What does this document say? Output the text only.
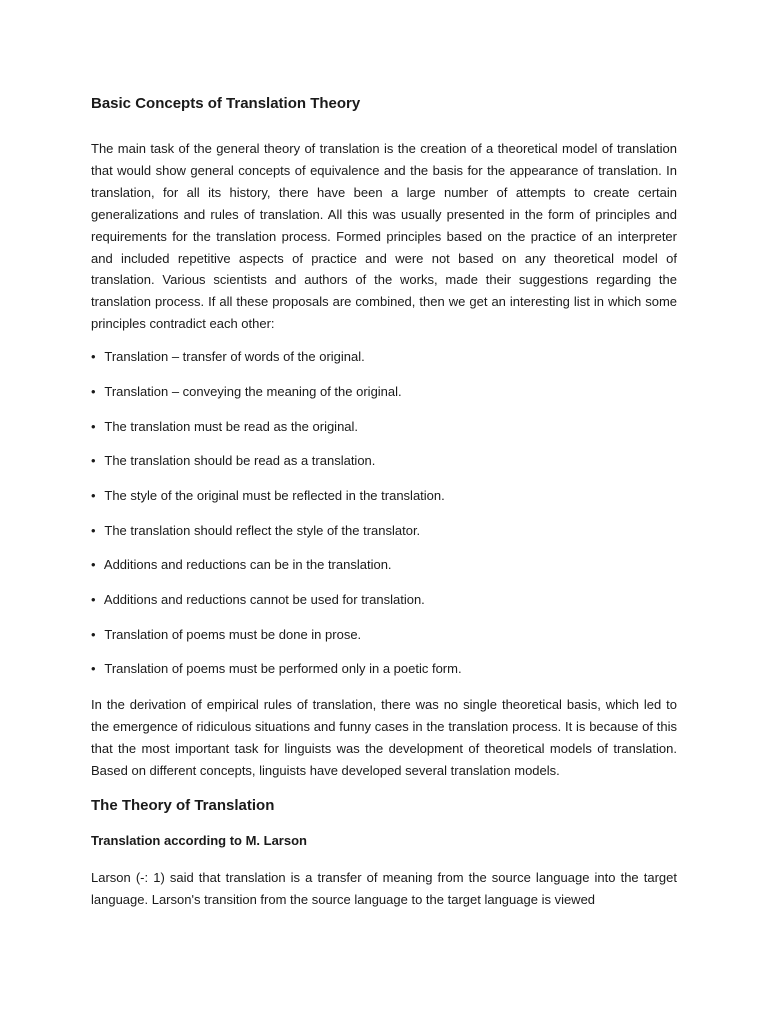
Basic Concepts of Translation Theory

The main task of the general theory of translation is the creation of a theoretical model of translation that would show general concepts of equivalence and the basis for the appearance of translation. In translation, for all its history, there have been a large number of attempts to create certain generalizations and rules of translation. All this was usually presented in the form of principles and requirements for the translation process. Formed principles based on the practice of an interpreter and included repetitive aspects of practice and were not based on any theoretical model of translation. Various scientists and authors of the works, made their suggestions regarding the translation process. If all these proposals are combined, then we get an interesting list in which some principles contradict each other:

• Translation – transfer of words of the original.
• Translation – conveying the meaning of the original.
• The translation must be read as the original.
• The translation should be read as a translation.
• The style of the original must be reflected in the translation.
• The translation should reflect the style of the translator.
• Additions and reductions can be in the translation.
• Additions and reductions cannot be used for translation.
• Translation of poems must be done in prose.
• Translation of poems must be performed only in a poetic form.

In the derivation of empirical rules of translation, there was no single theoretical basis, which led to the emergence of ridiculous situations and funny cases in the translation process. It is because of this that the most important task for linguists was the development of theoretical models of translation. Based on different concepts, linguists have developed several translation models.

The Theory of Translation
Translation according to M. Larson

Larson (-: 1) said that translation is a transfer of meaning from the source language into the target language. Larson's transition from the source language to the target language is viewed
